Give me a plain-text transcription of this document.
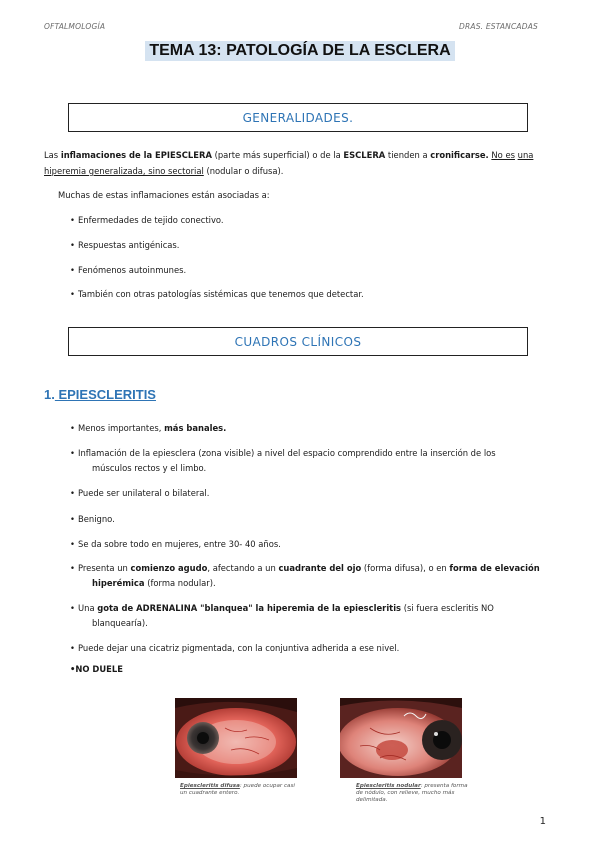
OFTALMOLOGÍA	DRAS. ESTANCADAS
TEMA 13: PATOLOGÍA DE LA ESCLERA
GENERALIDADES.
Las inflamaciones de la EPIESCLERA (parte más superficial) o de la ESCLERA tienden a cronificarse. No es una hiperemia generalizada, sino sectorial (nodular o difusa).
Muchas de estas inflamaciones están asociadas a:
• Enfermedades de tejido conectivo.
• Respuestas antigénicas.
• Fenómenos autoinmunes.
• También con otras patologías sistémicas que tenemos que detectar.
CUADROS CLÍNICOS
1. EPIESCLERITIS
• Menos importantes, más banales.
• Inflamación de la epiesclera (zona visible) a nivel del espacio comprendido entre la inserción de los
músculos rectos y el limbo.
• Puede ser unilateral o bilateral.
• Benigno.
• Se da sobre todo en mujeres, entre 30- 40 años.
• Presenta un comienzo agudo, afectando a un cuadrante del ojo (forma difusa), o en forma de elevación
hiperémica (forma nodular).
• Una gota de ADRENALINA "blanquea" la hiperemia de la epiescleritis (si fuera escleritis NO
blanquearía).
• Puede dejar una cicatriz pigmentada, con la conjuntiva adherida a ese nivel.
•NO DUELE
Epiescleritis difusa: puede ocupar casi un cuadrante entero.
Epiescleritis nodular: presenta forma de nódulo, con relieve, mucho más delimitada.
1
